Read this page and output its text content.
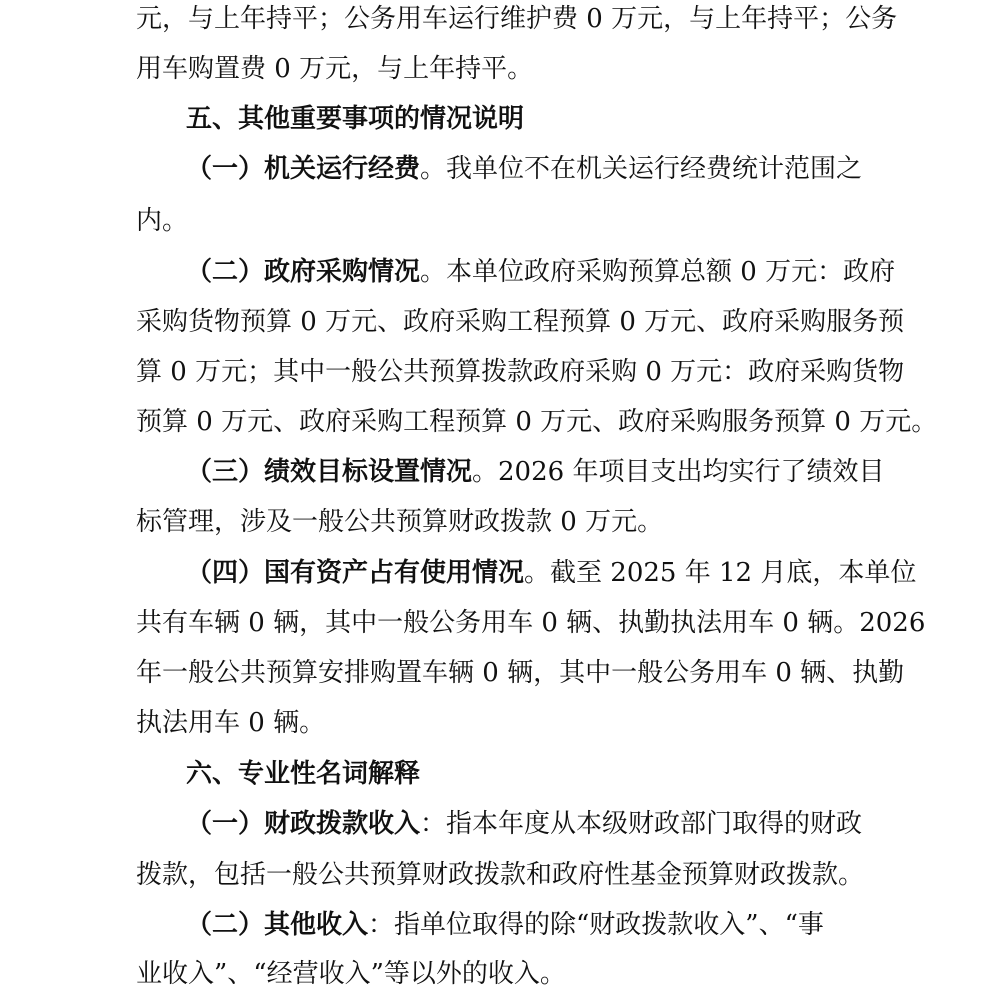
元，与上年持平；公务用车运行维护费 0 万元，与上年持平；公务
用车购置费 0 万元，与上年持平。
五、其他重要事项的情况说明
（一）机关运行经费。我单位不在机关运行经费统计范围之
内。
（二）政府采购情况。本单位政府采购预算总额 0 万元：政府
采购货物预算 0 万元、政府采购工程预算 0 万元、政府采购服务预
算 0 万元；其中一般公共预算拨款政府采购 0 万元：政府采购货物
预算 0 万元、政府采购工程预算 0 万元、政府采购服务预算 0 万元。
（三）绩效目标设置情况。2026 年项目支出均实行了绩效目
标管理，涉及一般公共预算财政拨款 0 万元。
（四）国有资产占有使用情况。截至 2025 年 12 月底，本单位
共有车辆 0 辆，其中一般公务用车 0 辆、执勤执法用车 0 辆。2026
年一般公共预算安排购置车辆 0 辆，其中一般公务用车 0 辆、执勤
执法用车 0 辆。
六、专业性名词解释
（一）财政拨款收入：指本年度从本级财政部门取得的财政
拨款，包括一般公共预算财政拨款和政府性基金预算财政拨款。
（二）其他收入：指单位取得的除“财政拨款收入”、“事
业收入”、“经营收入”等以外的收入。
